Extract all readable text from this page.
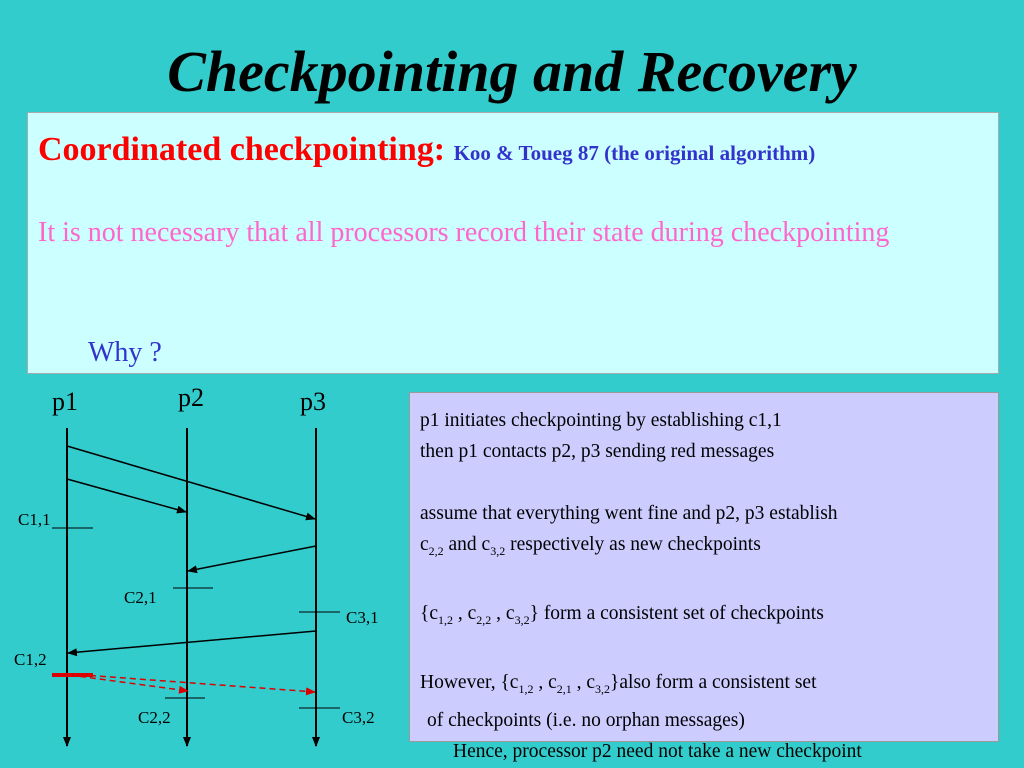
Checkpointing and Recovery
Coordinated checkpointing: Koo & Toueg 87 (the original algorithm)
It is not necessary that all processors record their state during checkpointing
Why ?
p1	p2	p3
C1,1
C2,1
C3,1
C1,2
C2,2	C3,2

p1 initiates checkpointing by establishing c1,1

then p1 contacts p2, p3 sending red messages

assume that everything went fine and p2, p3 establish

$c_{2,2}$ and $c_{3,2}$ respectively as new checkpoints

{$c_{1,2}$ , $c_{2,2}$ , $c_{3,2}$} form a consistent set of checkpoints

However, {$c_{1,2}$ , $c_{2,1}$ , $c_{3,2}\}also$ form a consistent set

of checkpoints (i.e. no orphan messages)

Hence, processor p2 need not take a new checkpoint
